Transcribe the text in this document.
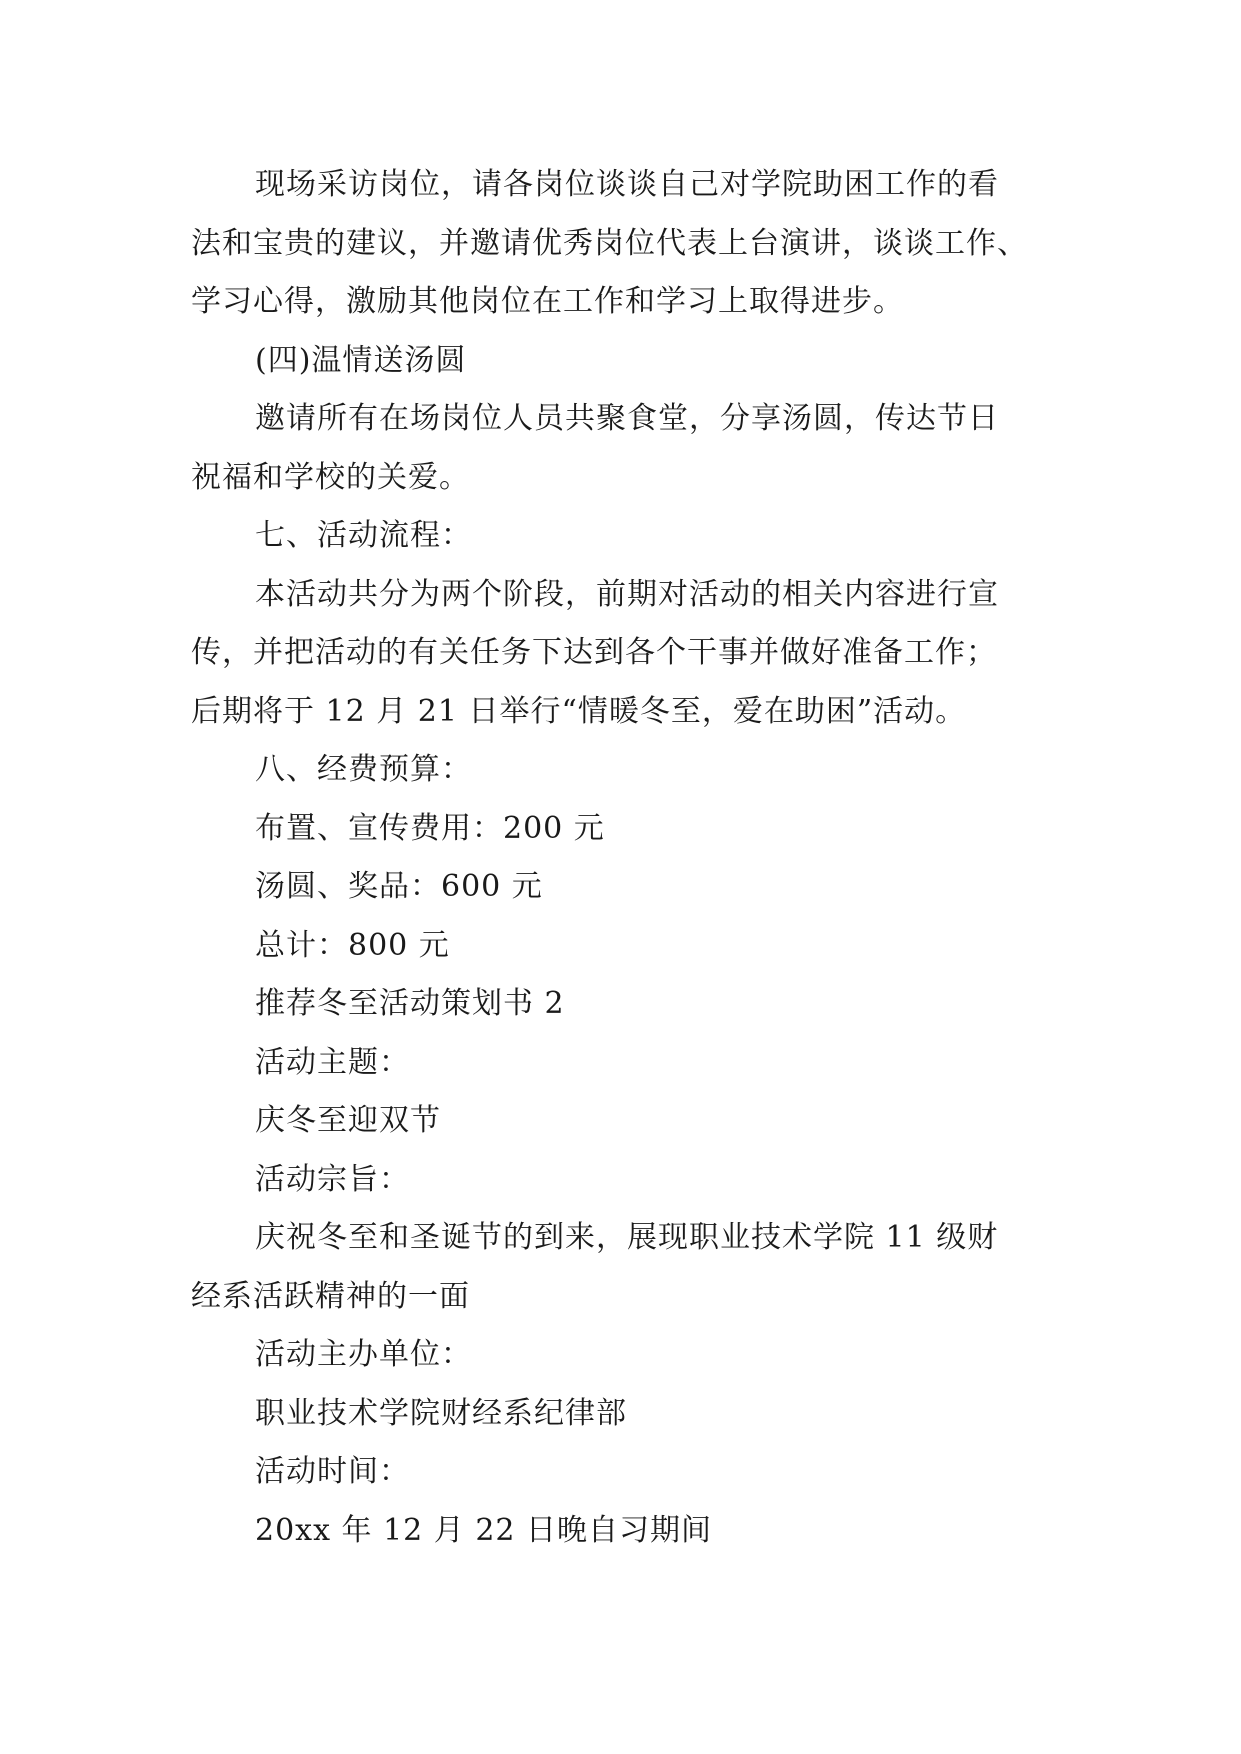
现场采访岗位，请各岗位谈谈自己对学院助困工作的看
法和宝贵的建议，并邀请优秀岗位代表上台演讲，谈谈工作、
学习心得，激励其他岗位在工作和学习上取得进步。
(四)温情送汤圆
邀请所有在场岗位人员共聚食堂，分享汤圆，传达节日
祝福和学校的关爱。
七、活动流程：
本活动共分为两个阶段，前期对活动的相关内容进行宣
传，并把活动的有关任务下达到各个干事并做好准备工作；
后期将于 12 月 21 日举行“情暖冬至，爱在助困”活动。
八、经费预算：
布置、宣传费用：200 元
汤圆、奖品：600 元
总计：800 元
推荐冬至活动策划书 2
活动主题：
庆冬至迎双节
活动宗旨：
庆祝冬至和圣诞节的到来，展现职业技术学院 11 级财
经系活跃精神的一面
活动主办单位：
职业技术学院财经系纪律部
活动时间：
20xx 年 12 月 22 日晚自习期间
